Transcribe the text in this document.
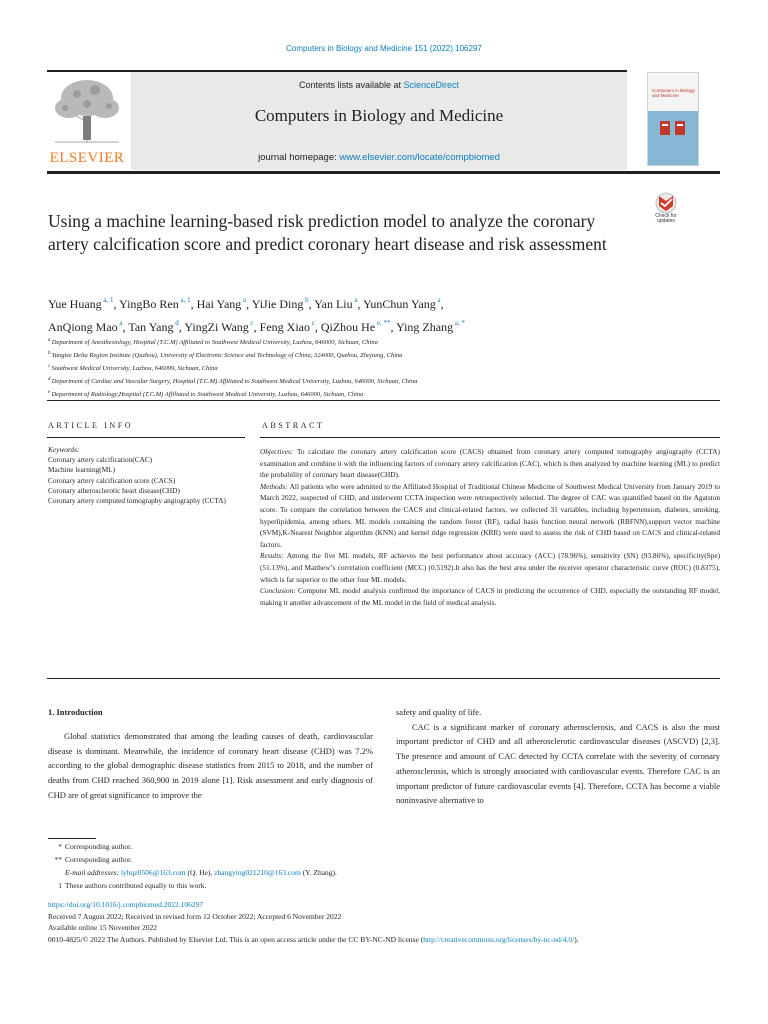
Computers in Biology and Medicine 151 (2022) 106297
ELSEVIER
Contents lists available at ScienceDirect
Computers in Biology and Medicine
journal homepage: www.elsevier.com/locate/compbiomed
Computers in Biology and Medicine
Check for updates
Using a machine learning-based risk prediction model to analyze the coronary artery calcification score and predict coronary heart disease and risk assessment
Yue Huang $^{a, 1}$, YingBo Ren $^{a, 1}$, Hai Yang $^a$, YiJie Ding $^b$, Yan Liu $^a$, YunChun Yang $^a$,
AnQiong Mao $^a$, Tan Yang $^d$, YingZi Wang $^c$, Feng Xiao $^c$, QiZhou He $^{e, **}$, Ying Zhang $^{a, *}$
$^a$ Department of Anesthesiology, Hospital (T.C.M) Affiliated to Southwest Medical University, Luzhou, 646000, Sichuan, China
$^b$ Yangtze Delta Region Institute (Quzhou), University of Electronic Science and Technology of China, 324000, Quzhou, Zhejiang, China
$^c$ Southwest Medical University, Luzhou, 646099, Sichuan, China
$^d$ Department of Cardiac and Vascular Surgery, Hospital (T.C.M) Affiliated to Southwest Medical University, Luzhou, 646000, Sichuan, China
$^e$ Department of Radiology,Hospital (T.C.M) Affiliated to Southwest Medical University, Luzhou, 646000, Sichuan, China
ARTICLE INFO	ABSTRACT
Keywords:
Coronary artery calcification(CAC)
Machine learning(ML)
Coronary artery calcification score (CACS)
Coronary atherosclerotic heart disease(CHD)
Coronary artery computed tomography angiography (CCTA)

Objectives: To calculate the coronary artery calcification score (CACS) obtained from coronary artery computed tomography angiography (CCTA) examination and combine it with the influencing factors of coronary artery calcification (CAC), which is then analyzed by machine learning (ML) to predict the probability of coronary heart disease(CHD).

Methods: All patients who were admitted to the Affiliated Hospital of Traditional Chinese Medicine of Southwest Medical University from January 2019 to March 2022, suspected of CHD, and underwent CCTA inspection were retrospectively selected. The degree of CAC was quantified based on the Agatston score. To compare the correlation between the CACS and clinical-related factors, we collected 31 variables, including hypertension, diabetes, smoking, hyperlipidemia, among others. ML models containing the random forest (RF), radial basis function neural network (RBFNN),support vector machine (SVM),K-Nearest Neighbor algorithm (KNN) and kernel ridge regression (KRR) were used to assess the risk of CHD based on CACS and clinical-related factors.

Results: Among the five ML models, RF achieves the best performance about accuracy (ACC) (78.96%), sensitivity (SN) (93.86%), specificity(Spe) (51.13%), and Matthew’s correlation coefficient (MCC) (0.5192).It also has the best area under the receiver operator characteristic curve (ROC) (0.8375), which is far superior to the other four ML models.

Conclusion: Computer ML model analysis confirmed the importance of CACS in predicting the occurrence of CHD, especially the outstanding RF model, making it another advancement of the ML model in the field of medical analysis.

1. Introduction
Global statistics demonstrated that among the leading causes of death, cardiovascular disease is dominant. Meanwhile, the incidence of coronary heart disease (CHD) was 7.2% according to the global demographic disease statistics from 2015 to 2018, and the number of deaths from CHD reached 360,900 in 2019 alone [1]. Risk assessment and early diagnosis of CHD are of great significance to improve the
safety and quality of life.
CAC is a significant marker of coronary atherosclerosis, and CACS is also the most important predictor of CHD and all atherosclerotic cardiovascular diseases (ASCVD) [2,3]. The presence and amount of CAC detected by CCTA correlate with the severity of coronary atherosclerosis, which is strongly associated with cardiovascular events. Therefore CAC is an important predictor of future cardiovascular events [4]. Therefore, CCTA has become a viable noninvasive alternative to
* Corresponding author.
** Corresponding author.
E-mail addresses: lyhqz0506@163.com (Q. He), zhangying021210@163.com (Y. Zhang).
1 These authors contributed equally to this work.
https://doi.org/10.1016/j.compbiomed.2022.106297
Received 7 August 2022; Received in revised form 12 October 2022; Accepted 6 November 2022
Available online 15 November 2022
0010-4825/© 2022 The Authors. Published by Elsevier Ltd. This is an open access article under the CC BY-NC-ND license (http://creativecommons.org/licenses/by-nc-nd/4.0/).
